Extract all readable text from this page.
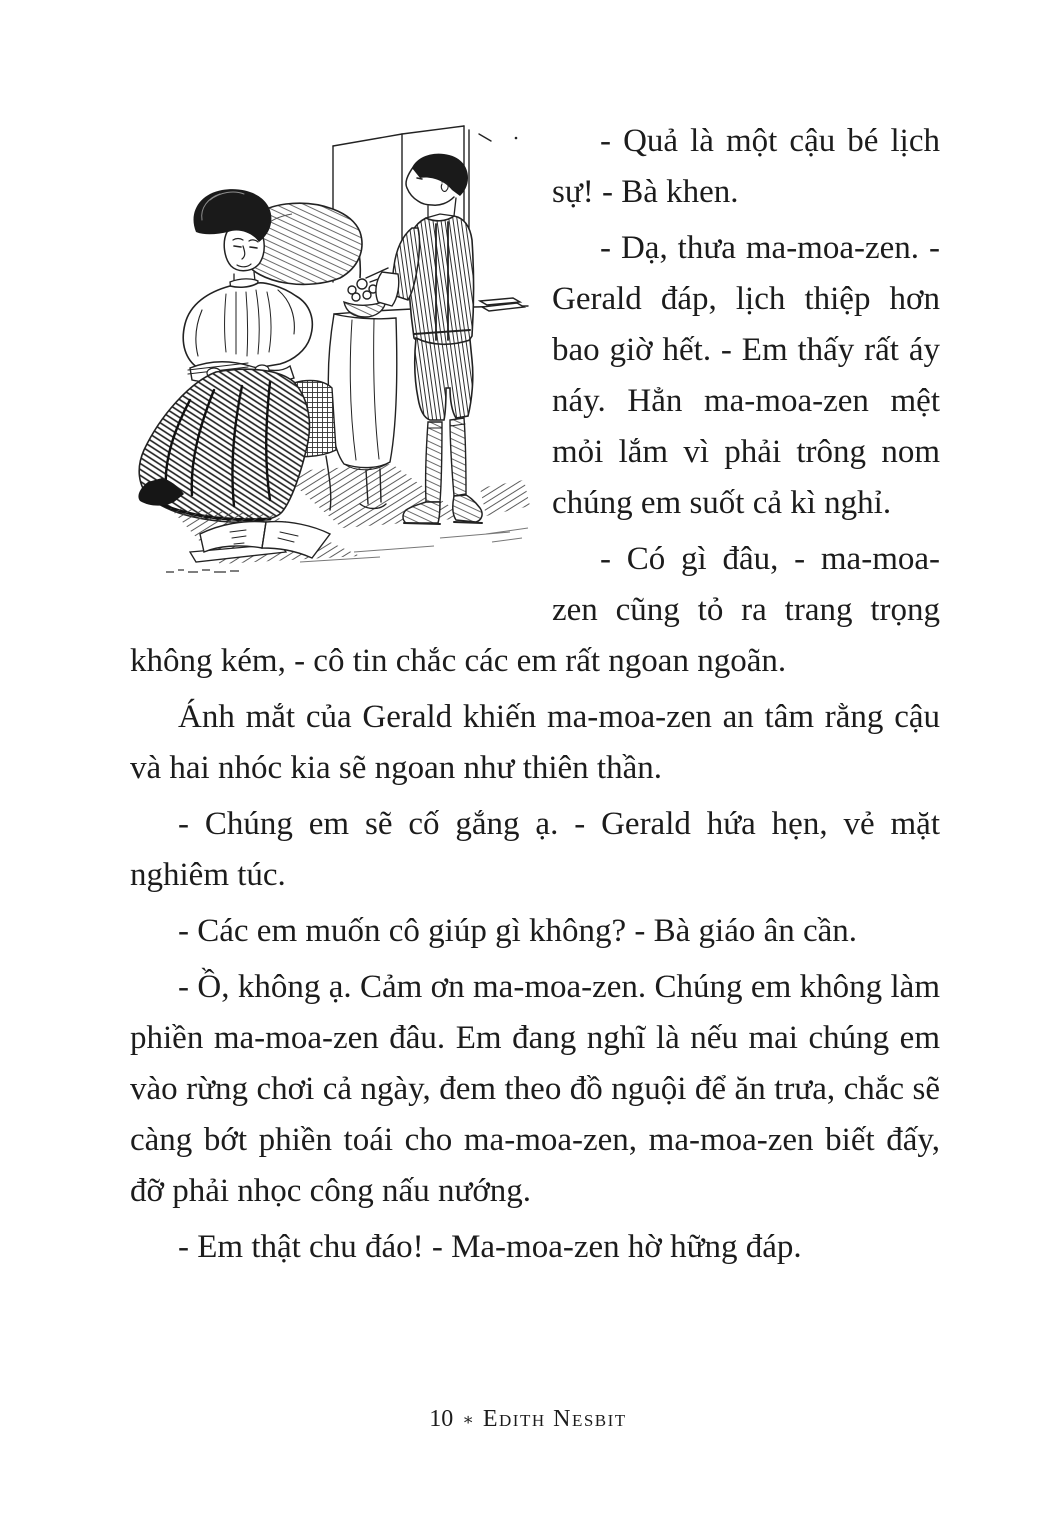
- Quả là một cậu bé lịch sự! - Bà khen.

- Dạ, thưa ma-moa-zen. - Gerald đáp, lịch thiệp hơn bao giờ hết. - Em thấy rất áy náy. Hẳn ma-moa-zen mệt mỏi lắm vì phải trông nom chúng em suốt cả kì nghỉ.

- Có gì đâu, - ma-moa-zen cũng tỏ ra trang trọng không kém, - cô tin chắc các em rất ngoan ngoãn.

Ánh mắt của Gerald khiến ma-moa-zen an tâm rằng cậu và hai nhóc kia sẽ ngoan như thiên thần.

- Chúng em sẽ cố gắng ạ. - Gerald hứa hẹn, vẻ mặt nghiêm túc.

- Các em muốn cô giúp gì không? - Bà giáo ân cần.

- Ồ, không ạ. Cảm ơn ma-moa-zen. Chúng em không làm phiền ma-moa-zen đâu. Em đang nghĩ là nếu mai chúng em vào rừng chơi cả ngày, đem theo đồ nguội để ăn trưa, chắc sẽ càng bớt phiền toái cho ma-moa-zen, ma-moa-zen biết đấy, đỡ phải nhọc công nấu nướng.

- Em thật chu đáo! - Ma-moa-zen hờ hững đáp.

10 ∗ Edith Nesbit
